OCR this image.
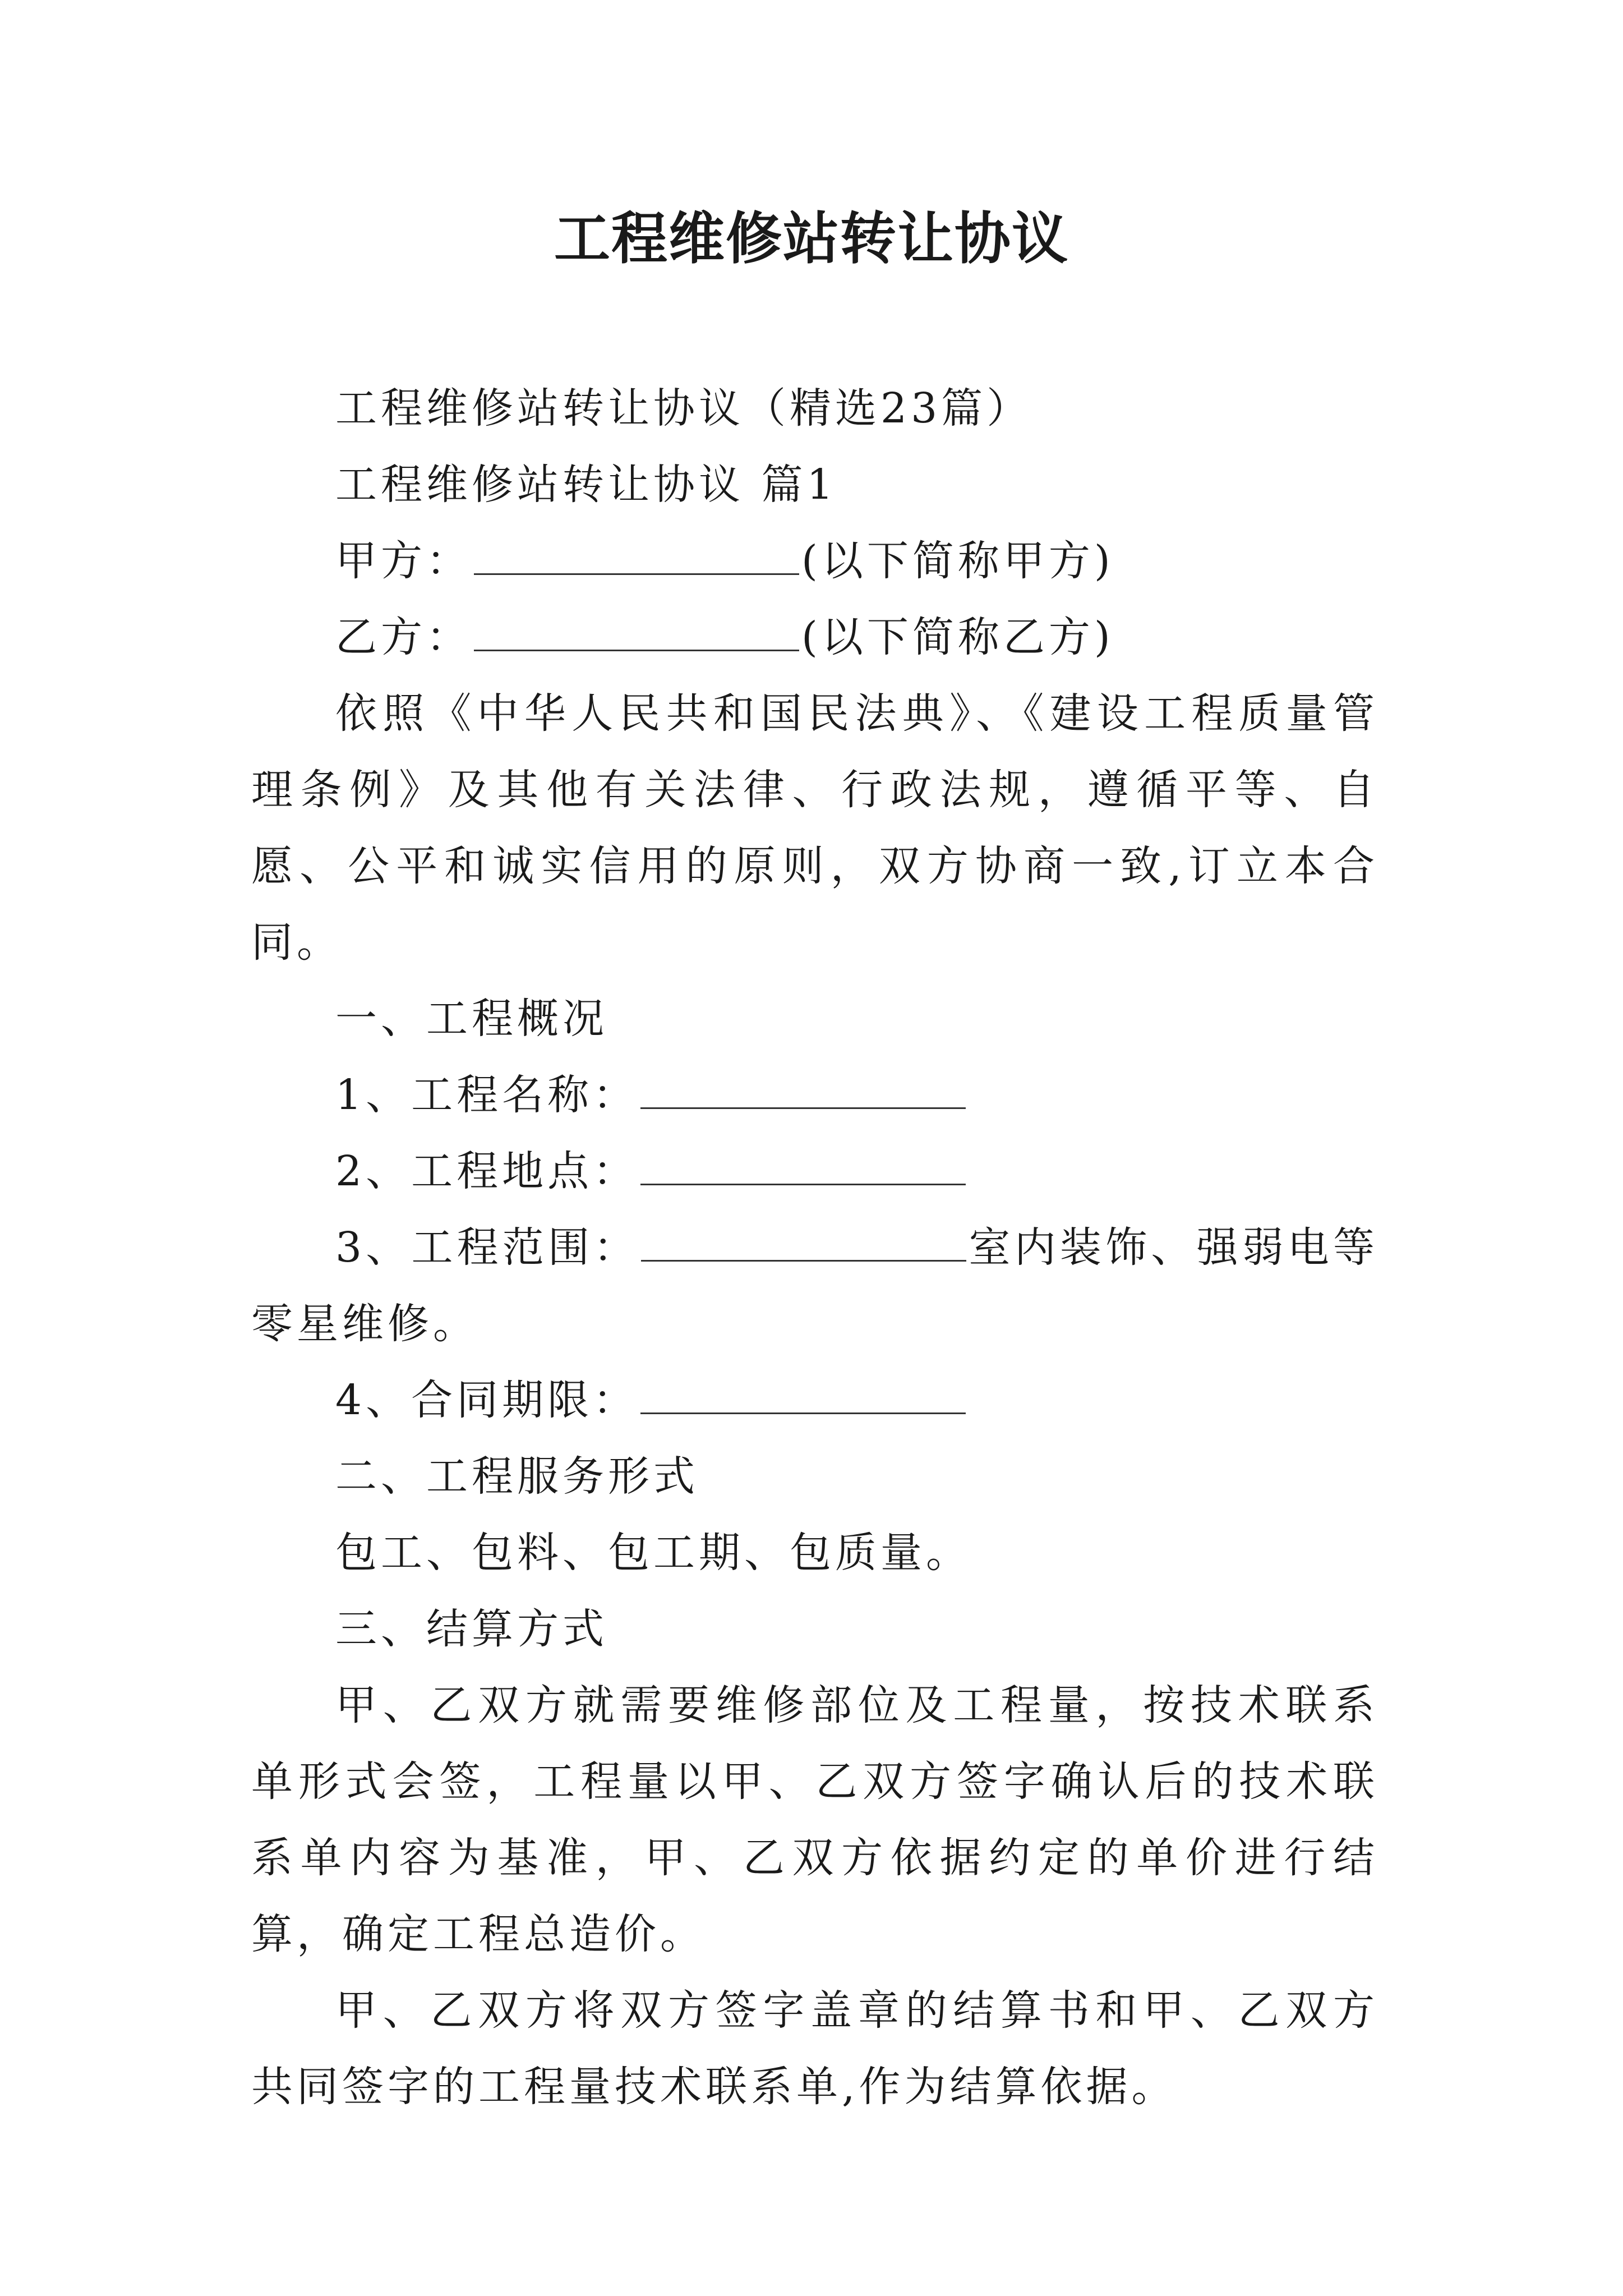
工程维修站转让协议

工程维修站转让协议（精选23篇）

工程维修站转让协议 篇1

甲方：	(以下简称甲方)

乙方：	(以下简称乙方)

依照《中华人民共和国民法典》、《建设工程质量管理条例》及其他有关法律、行政法规，遵循平等、自愿、公平和诚实信用的原则，双方协商一致,订立本合同。

一、工程概况

1、工程名称：

2、工程地点：

3、工程范围：	室内装饰、强弱电等零星维修。

4、合同期限：

二、工程服务形式

包工、包料、包工期、包质量。

三、结算方式

甲、乙双方就需要维修部位及工程量，按技术联系单形式会签，工程量以甲、乙双方签字确认后的技术联系单内容为基准，甲、乙双方依据约定的单价进行结算，确定工程总造价。

甲、乙双方将双方签字盖章的结算书和甲、乙双方共同签字的工程量技术联系单,作为结算依据。
